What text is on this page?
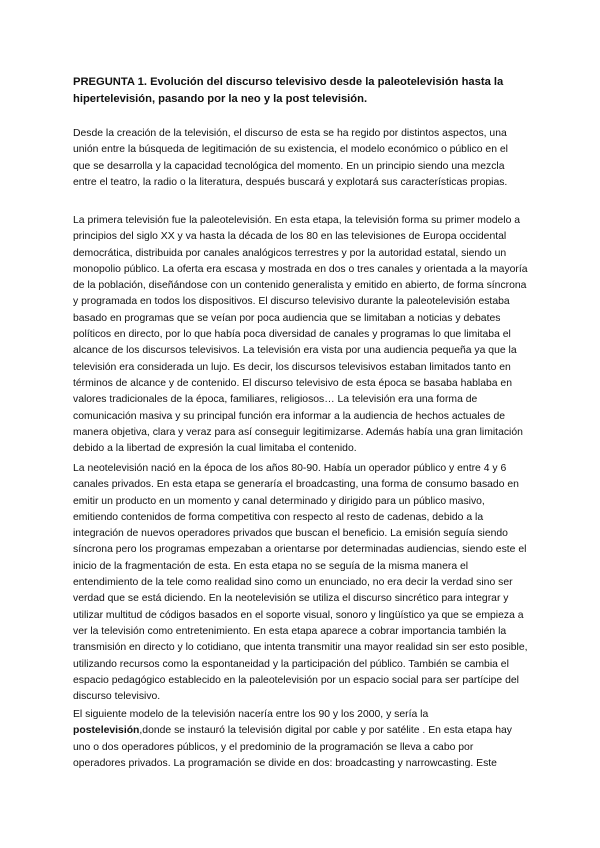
PREGUNTA 1. Evolución del discurso televisivo desde la paleotelevisión hasta la hipertelevisión, pasando por la neo y la post televisión.

Desde la creación de la televisión, el discurso de esta se ha regido por distintos aspectos, una unión entre la búsqueda de legitimación de su existencia, el modelo económico o público en el que se desarrolla y la capacidad tecnológica del momento. En un principio siendo una mezcla entre el teatro, la radio o la literatura, después buscará y explotará sus características propias.

La primera televisión fue la paleotelevisión. En esta etapa, la televisión forma su primer modelo a principios del siglo XX y va hasta la década de los 80 en las televisiones de Europa occidental democrática, distribuida por canales analógicos terrestres y por la autoridad estatal, siendo un monopolio público. La oferta era escasa y mostrada en dos o tres canales y orientada a la mayoría de la población, diseñándose con un contenido generalista y emitido en abierto, de forma síncrona y programada en todos los dispositivos. El discurso televisivo durante la paleotelevisión estaba basado en programas que se veían por poca audiencia que se limitaban a noticias y debates políticos en directo, por lo que había poca diversidad de canales y programas lo que limitaba el alcance de los discursos televisivos. La televisión era vista por una audiencia pequeña ya que la televisión era considerada un lujo. Es decir, los discursos televisivos estaban limitados tanto en términos de alcance y de contenido. El discurso televisivo de esta época se basaba hablaba en valores tradicionales de la época, familiares, religiosos… La televisión era una forma de comunicación masiva y su principal función era informar a la audiencia de hechos actuales de manera objetiva, clara y veraz para así conseguir legitimizarse. Además había una gran limitación debido a la libertad de expresión la cual limitaba el contenido.

La neotelevisión nació en la época de los años 80-90. Había un operador público y entre 4 y 6 canales privados. En esta etapa se generaría el broadcasting, una forma de consumo basado en emitir un producto en un momento y canal determinado y dirigido para un público masivo, emitiendo contenidos de forma competitiva con respecto al resto de cadenas, debido a la integración de nuevos operadores privados que buscan el beneficio. La emisión seguía siendo síncrona pero los programas empezaban a orientarse por determinadas audiencias, siendo este el inicio de la fragmentación de esta. En esta etapa no se seguía de la misma manera el entendimiento de la tele como realidad sino como un enunciado, no era decir la verdad sino ser verdad que se está diciendo. En la neotelevisión se utiliza el discurso sincrético para integrar y utilizar multitud de códigos basados en el soporte visual, sonoro y lingüístico ya que se empieza a ver la televisión como entretenimiento. En esta etapa aparece a cobrar importancia también la transmisión en directo y lo cotidiano, que intenta transmitir una mayor realidad sin ser esto posible, utilizando recursos como la espontaneidad y la participación del público. También se cambia el espacio pedagógico establecido en la paleotelevisión por un espacio social para ser partícipe del discurso televisivo.

El siguiente modelo de la televisión nacería entre los 90 y los 2000, y sería la postelevisión,donde se instauró la televisión digital por cable y por satélite . En esta etapa hay uno o dos operadores públicos, y el predominio de la programación se lleva a cabo por operadores privados. La programación se divide en dos: broadcasting y narrowcasting. Este
